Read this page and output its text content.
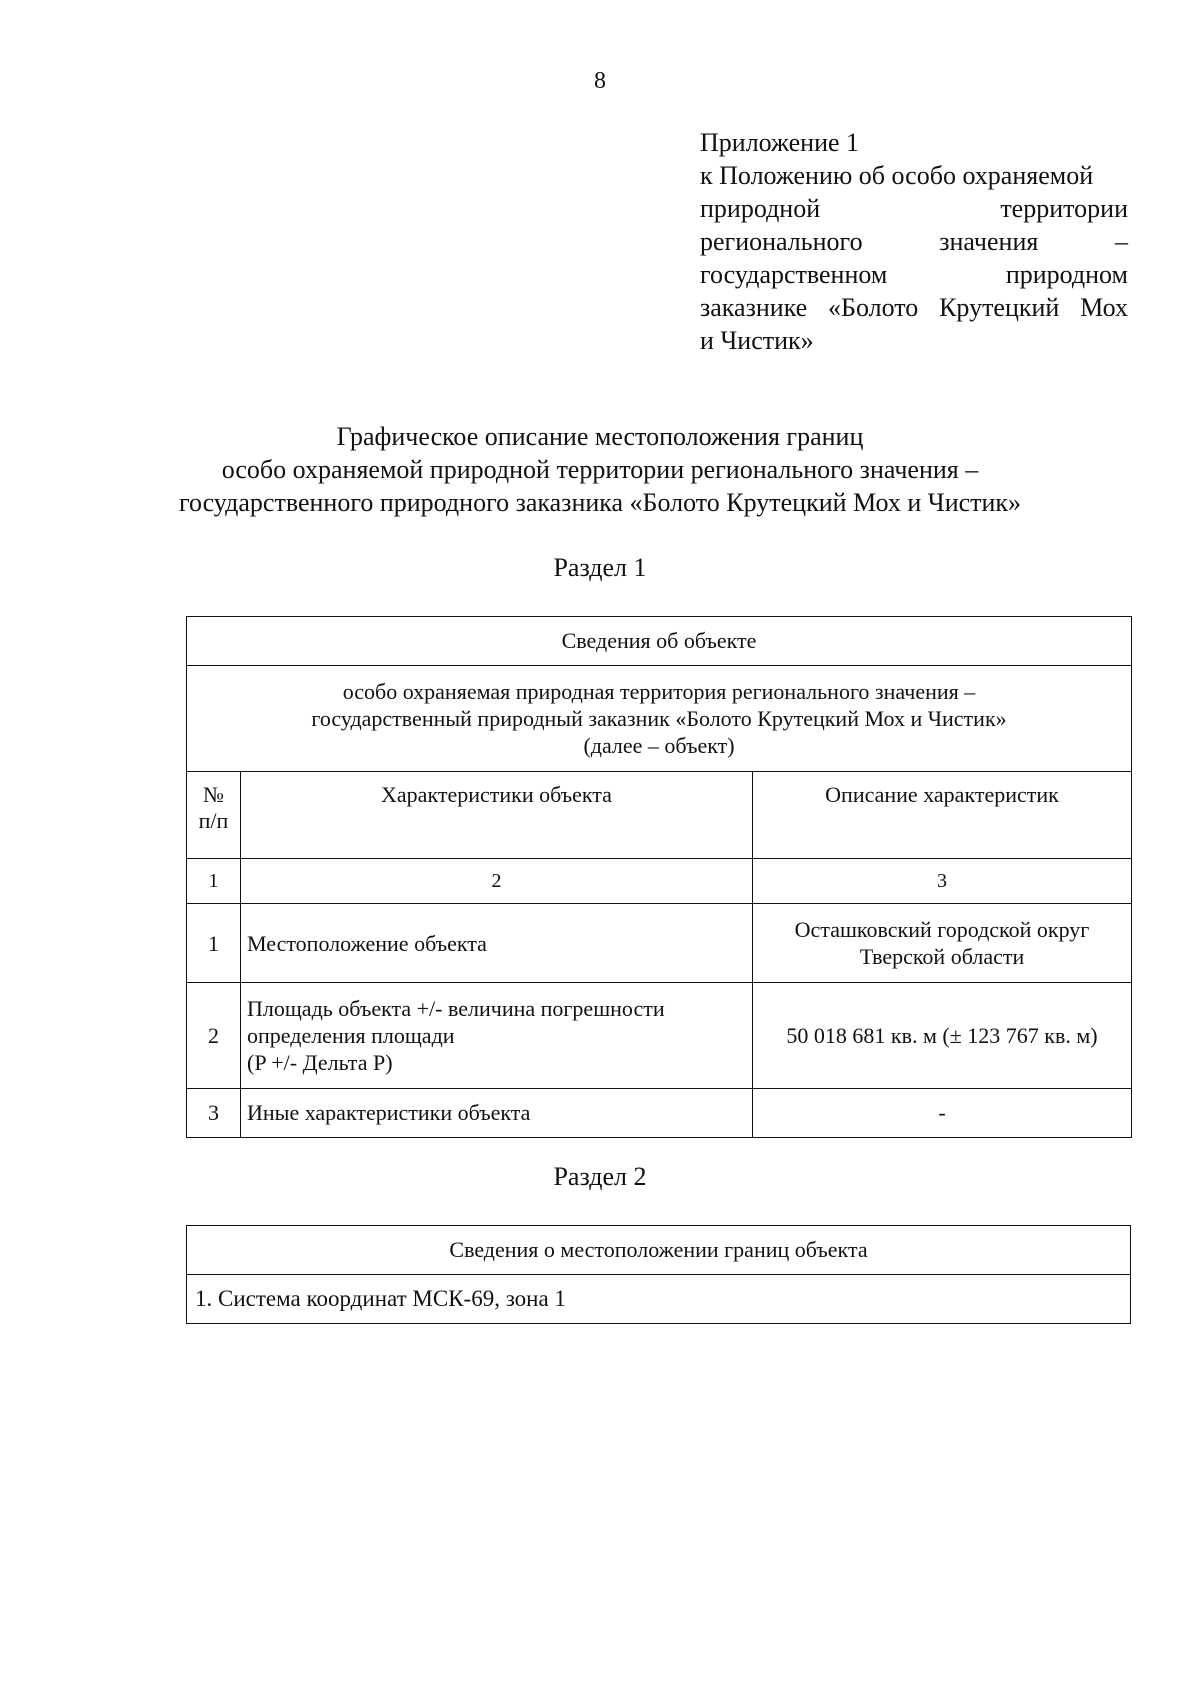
8
Приложение 1
к Положению об особо охраняемой
природной территории
регионального значения –
государственном природном
заказнике «Болото Крутецкий Мох
и Чистик»
Графическое описание местоположения границ
особо охраняемой природной территории регионального значения –
государственного природного заказника «Болото Крутецкий Мох и Чистик»
Раздел 1
Сведения об объекте		

особо охраняемая природная территория регионального значения –
государственный природный заказник «Болото Крутецкий Мох и Чистик»
(далее – объект)		

№
п/п	Характеристики объекта	Описание характеристик
1	2	3
1	Местоположение объекта	Осташковский городской округ
Тверской области

2	Площадь объекта +/- величина погрешности
определения площади
(P +/- Дельта P)	50 018 681 кв. м (± 123 767 кв. м)

3	Иные характеристики объекта	-
Раздел 2
Сведения о местоположении границ объекта
1. Система координат МСК-69, зона 1
